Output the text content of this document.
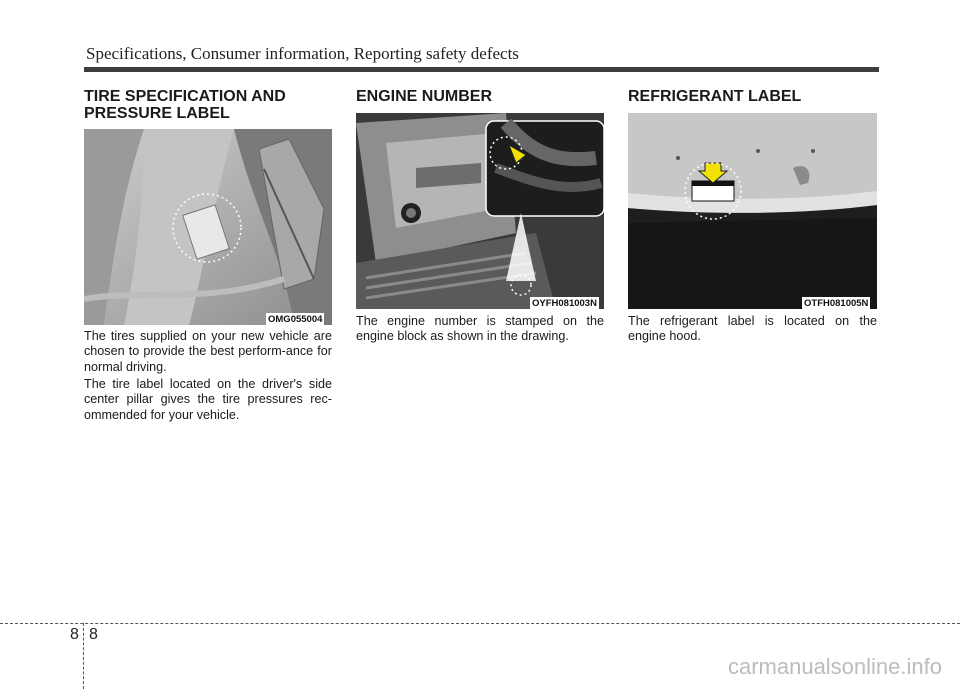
Specifications, Consumer information, Reporting safety defects
TIRE SPECIFICATION AND
PRESSURE LABEL
OMG055004

The tires supplied on your new vehicle are chosen to provide the best perform-ance for normal driving.

The tire label located on the driver's side center pillar gives the tire pressures rec-ommended for your vehicle.

ENGINE NUMBER
OYFH081003N

The engine number is stamped on the engine block as shown in the drawing.

REFRIGERANT LABEL
OTFH081005N

The refrigerant label is located on the engine hood.

8 8
carmanualsonline.info
